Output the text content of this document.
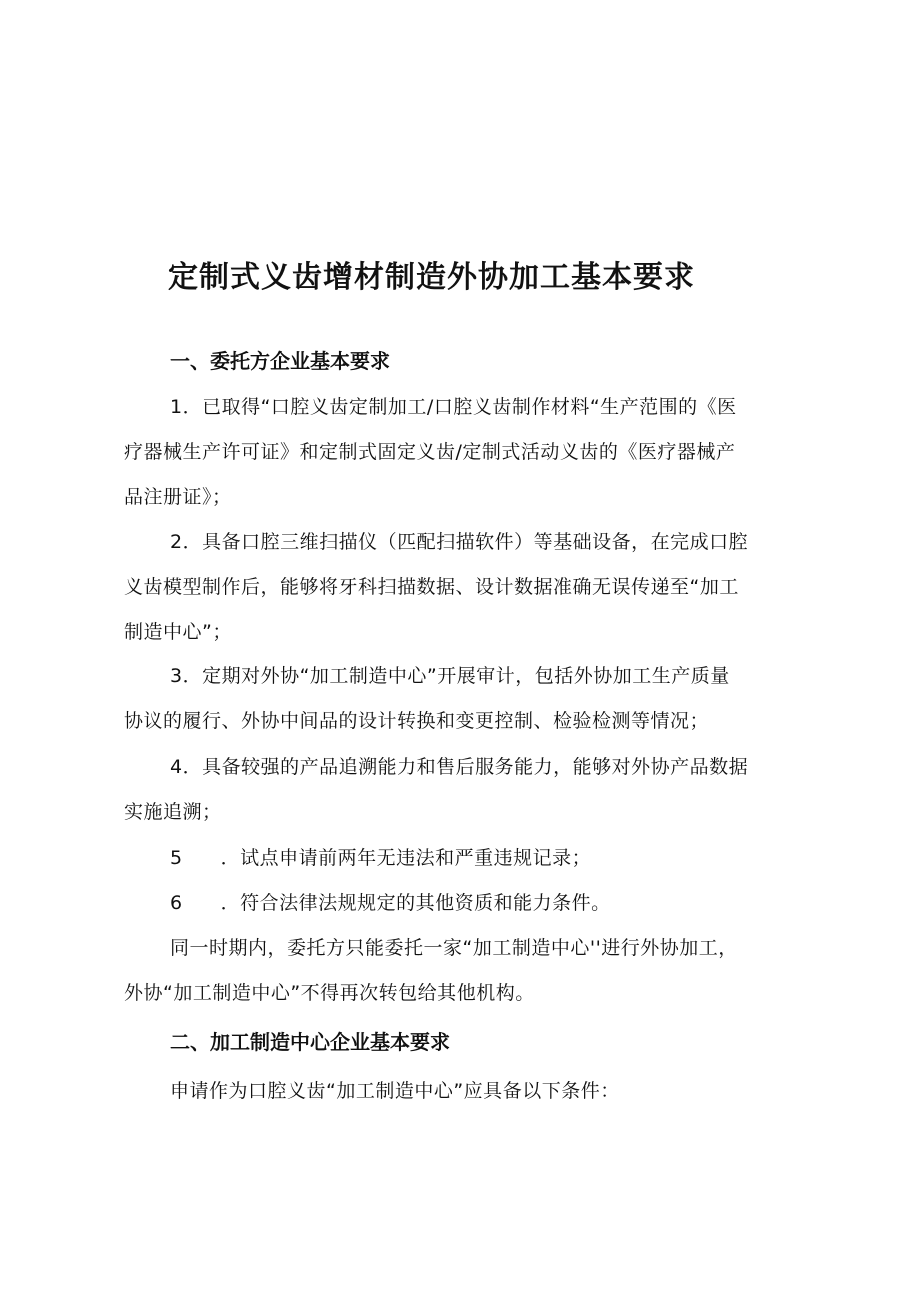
定制式义齿增材制造外协加工基本要求
一、委托方企业基本要求
1．已取得“口腔义齿定制加工/口腔义齿制作材料“生产范围的《医
疗器械生产许可证》和定制式固定义齿/定制式活动义齿的《医疗器械产
品注册证》；
2．具备口腔三维扫描仪（匹配扫描软件）等基础设备，在完成口腔
义齿模型制作后，能够将牙科扫描数据、设计数据准确无误传递至“加工
制造中心”；
3．定期对外协“加工制造中心”开展审计，包括外协加工生产质量
协议的履行、外协中间品的设计转换和变更控制、检验检测等情况；
4．具备较强的产品追溯能力和售后服务能力，能够对外协产品数据
实施追溯；
5 ．试点申请前两年无违法和严重违规记录；
6 ．符合法律法规规定的其他资质和能力条件。
同一时期内，委托方只能委托一家“加工制造中心''进行外协加工，
外协“加工制造中心”不得再次转包给其他机构。
二、加工制造中心企业基本要求
申请作为口腔义齿“加工制造中心”应具备以下条件：
